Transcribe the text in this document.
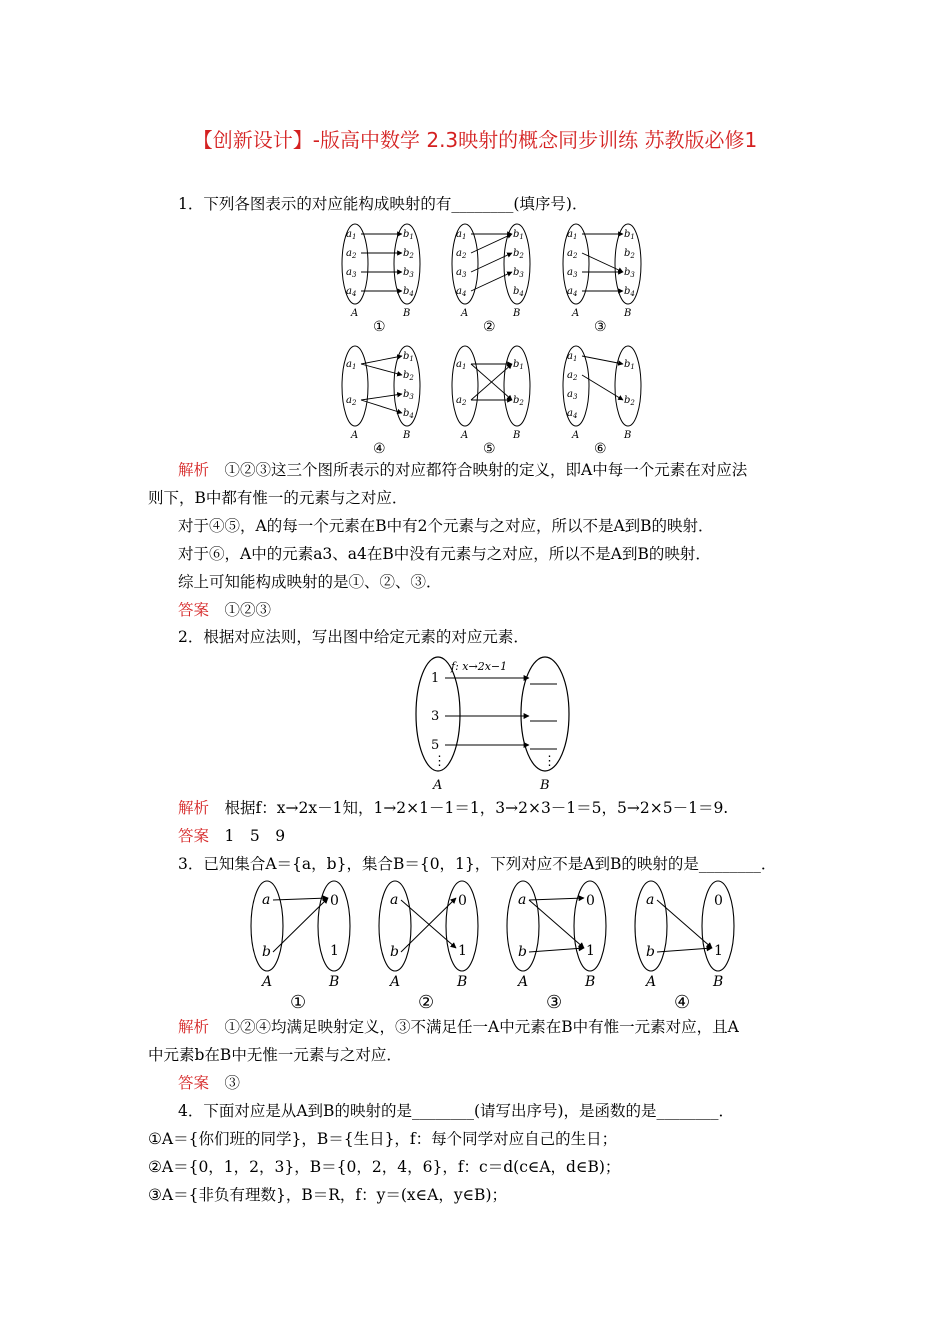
【创新设计】-版高中数学 2.3映射的概念同步训练 苏教版必修1
1．下列各图表示的对应能构成映射的有________(填序号)．
$a_1$
$a_2$
$a_3$
$a_4$
$b_1$
$b_2$
$b_3$
$b_4$
A	B
①
$a_1$
$a_2$
$a_3$
$a_4$
$b_1$
$b_2$
$b_3$
$b_4$
A	B
②
$a_1$
$a_2$
$a_3$
$a_4$
$b_1$
$b_2$
$b_3$
$b_4$
A	B
③
$a_1$
$a_2$
$b_1$
$b_2$
$b_3$
$b_4$
A	B
④
$a_1$
$a_2$
$b_1$
$b_2$
A	B
⑤
$a_1$
$a_2$
$a_3$
$a_4$
$b_1$
$b_2$
A	B
⑥
解析　 ①②③这三个图所表示的对应都符合映射的定义，即A中每一个元素在对应法
则下，B中都有惟一的元素与之对应．
对于④⑤，A的每一个元素在B中有2个元素与之对应，所以不是A到B的映射．
对于⑥，A中的元素a3、a4在B中没有元素与之对应，所以不是A到B的映射．
综上可知能构成映射的是①、②、③．
答案　 ①②③
2．根据对应法则，写出图中给定元素的对应元素．
f: x→2x−1
1
3
5
⋮	⋮
A	B
解析　 根据f：x→2x－1知，1→2×1－1＝1，3→2×3－1＝5，5→2×5－1＝9.
答案　 1　5　9
3．已知集合A＝{a，b}，集合B＝{0，1}，下列对应不是A到B的映射的是________．
a
b
0
1
A	B
①
a
b
0
1
A	B
②
a
b
0
1
A	B
③
a
b
0
1
A	B
④
解析　 ①②④均满足映射定义，③不满足任一A中元素在B中有惟一元素对应，且A
中元素b在B中无惟一元素与之对应．
答案　 ③
4．下面对应是从A到B的映射的是________(请写出序号)，是函数的是________．
①A＝{你们班的同学}，B＝{生日}，f：每个同学对应自己的生日；
②A＝{0，1，2，3}，B＝{0，2，4，6}，f：c＝d(c∈A，d∈B)；
③A＝{非负有理数}，B＝R，f：y＝(x∈A，y∈B)；
